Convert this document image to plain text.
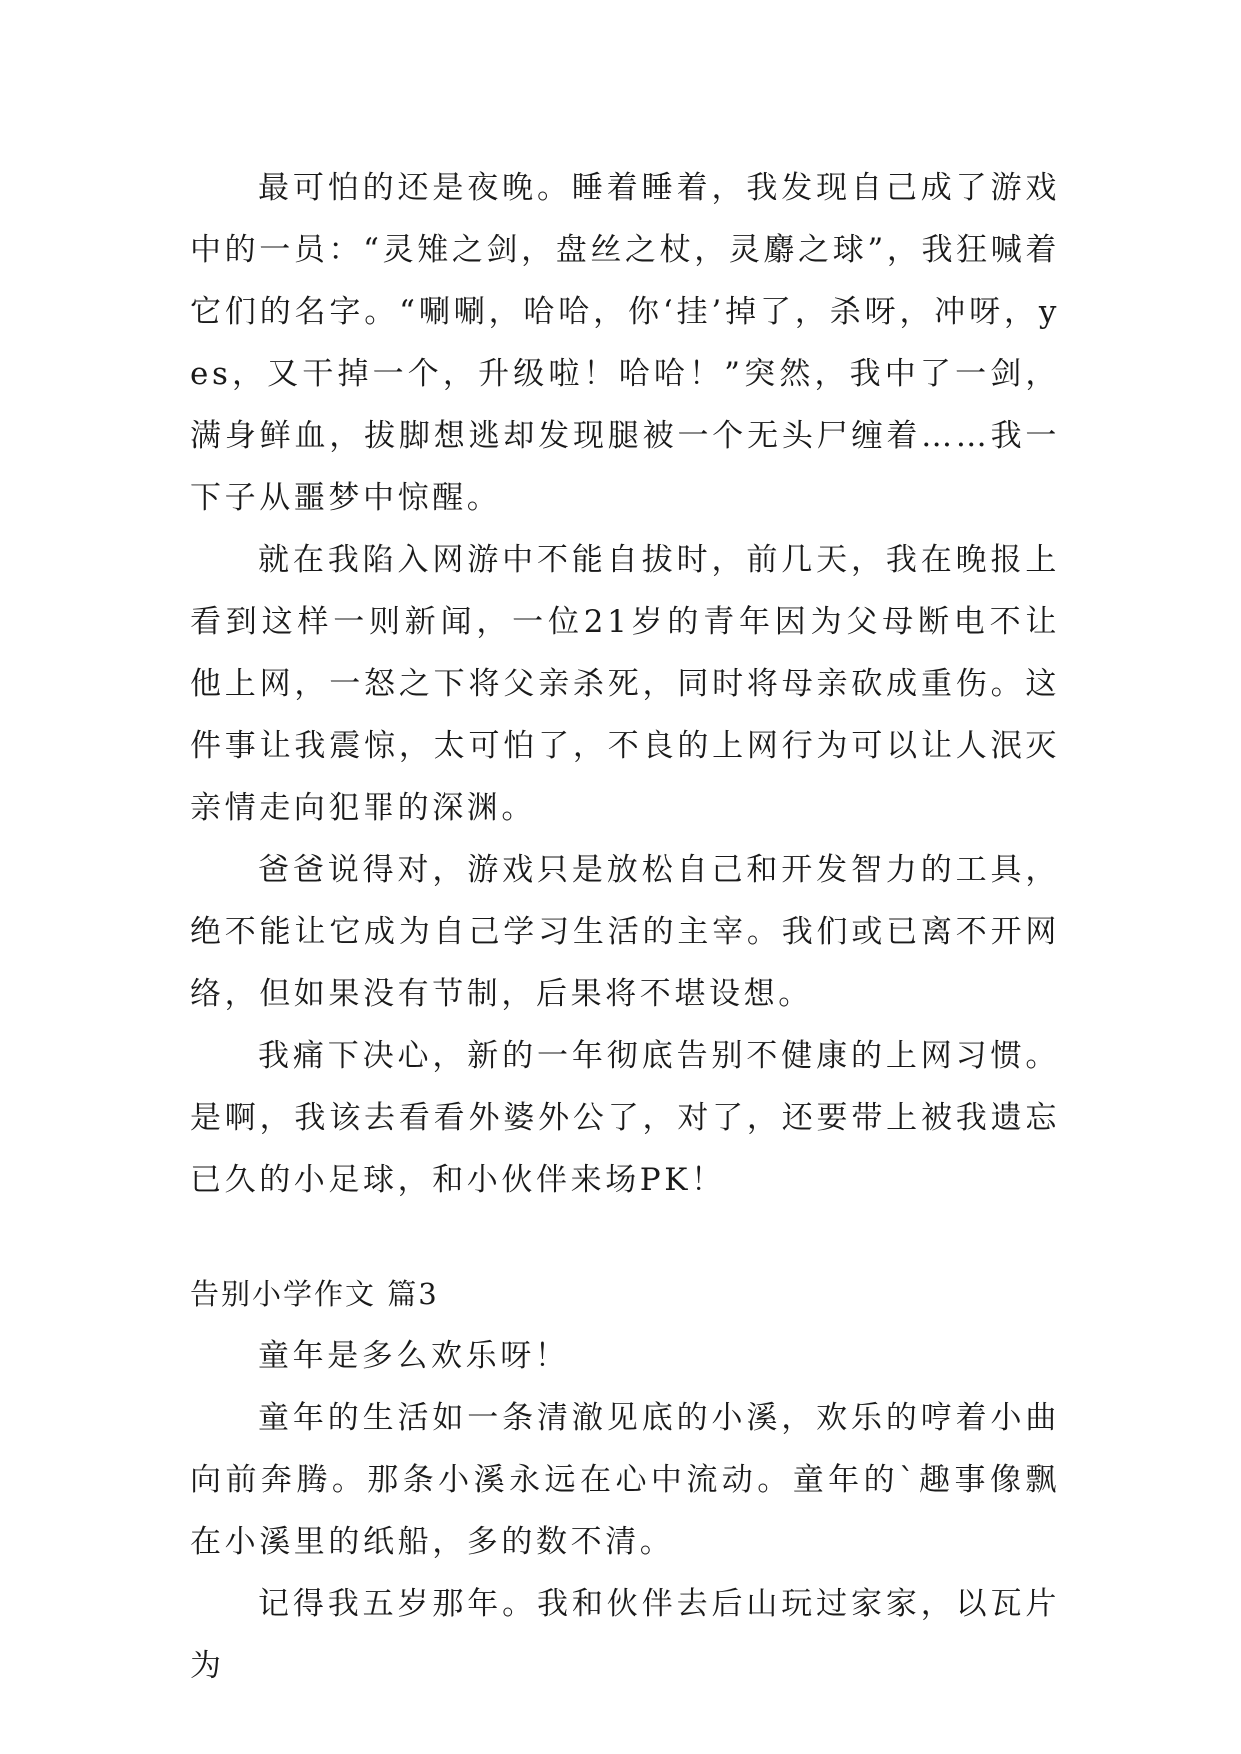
最可怕的还是夜晚。睡着睡着，我发现自己成了游戏中的一员：“灵雉之剑，盘丝之杖，灵麝之球”，我狂喊着它们的名字。“唰唰，哈哈，你‘挂’掉了，杀呀，冲呀，yes，又干掉一个，升级啦！哈哈！”突然，我中了一剑，满身鲜血，拔脚想逃却发现腿被一个无头尸缠着……我一下子从噩梦中惊醒。

就在我陷入网游中不能自拔时，前几天，我在晚报上看到这样一则新闻，一位21岁的青年因为父母断电不让他上网，一怒之下将父亲杀死，同时将母亲砍成重伤。这件事让我震惊，太可怕了，不良的上网行为可以让人泯灭亲情走向犯罪的深渊。

爸爸说得对，游戏只是放松自己和开发智力的工具，绝不能让它成为自己学习生活的主宰。我们或已离不开网络，但如果没有节制，后果将不堪设想。

我痛下决心，新的一年彻底告别不健康的上网习惯。是啊，我该去看看外婆外公了，对了，还要带上被我遗忘已久的小足球，和小伙伴来场PK！

告别小学作文 篇3

童年是多么欢乐呀！

童年的生活如一条清澈见底的小溪，欢乐的哼着小曲向前奔腾。那条小溪永远在心中流动。童年的`趣事像飘在小溪里的纸船，多的数不清。

记得我五岁那年。我和伙伴去后山玩过家家，以瓦片为
